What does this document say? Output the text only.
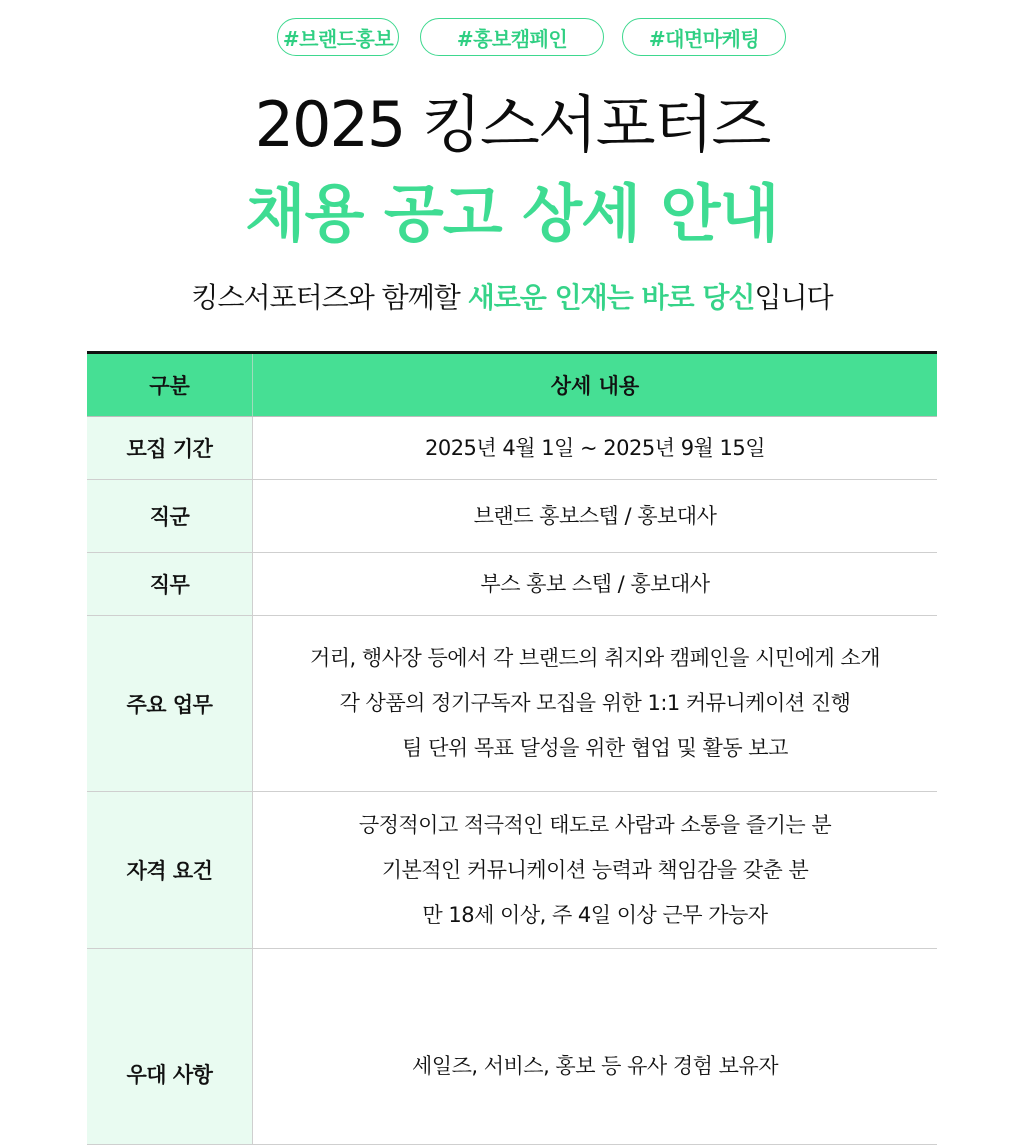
#브랜드홍보	#홍보캠페인	#대면마케팅
2025 킹스서포터즈
채용 공고 상세 안내
킹스서포터즈와 함께할 새로운 인재는 바로 당신입니다
구분	상세 내용
모집 기간	2025년 4월 1일 ~ 2025년 9월 15일

직군	브랜드 홍보스텝 / 홍보대사

직무	부스 홍보 스텝 / 홍보대사

주요 업무	거리, 행사장 등에서 각 브랜드의 취지와 캠페인을 시민에게 소개
각 상품의 정기구독자 모집을 위한 1:1 커뮤니케이션 진행
팀 단위 목표 달성을 위한 협업 및 활동 보고

자격 요건	긍정적이고 적극적인 태도로 사람과 소통을 즐기는 분
기본적인 커뮤니케이션 능력과 책임감을 갖춘 분
만 18세 이상, 주 4일 이상 근무 가능자

우대 사항	세일즈, 서비스, 홍보 등 유사 경험 보유자
